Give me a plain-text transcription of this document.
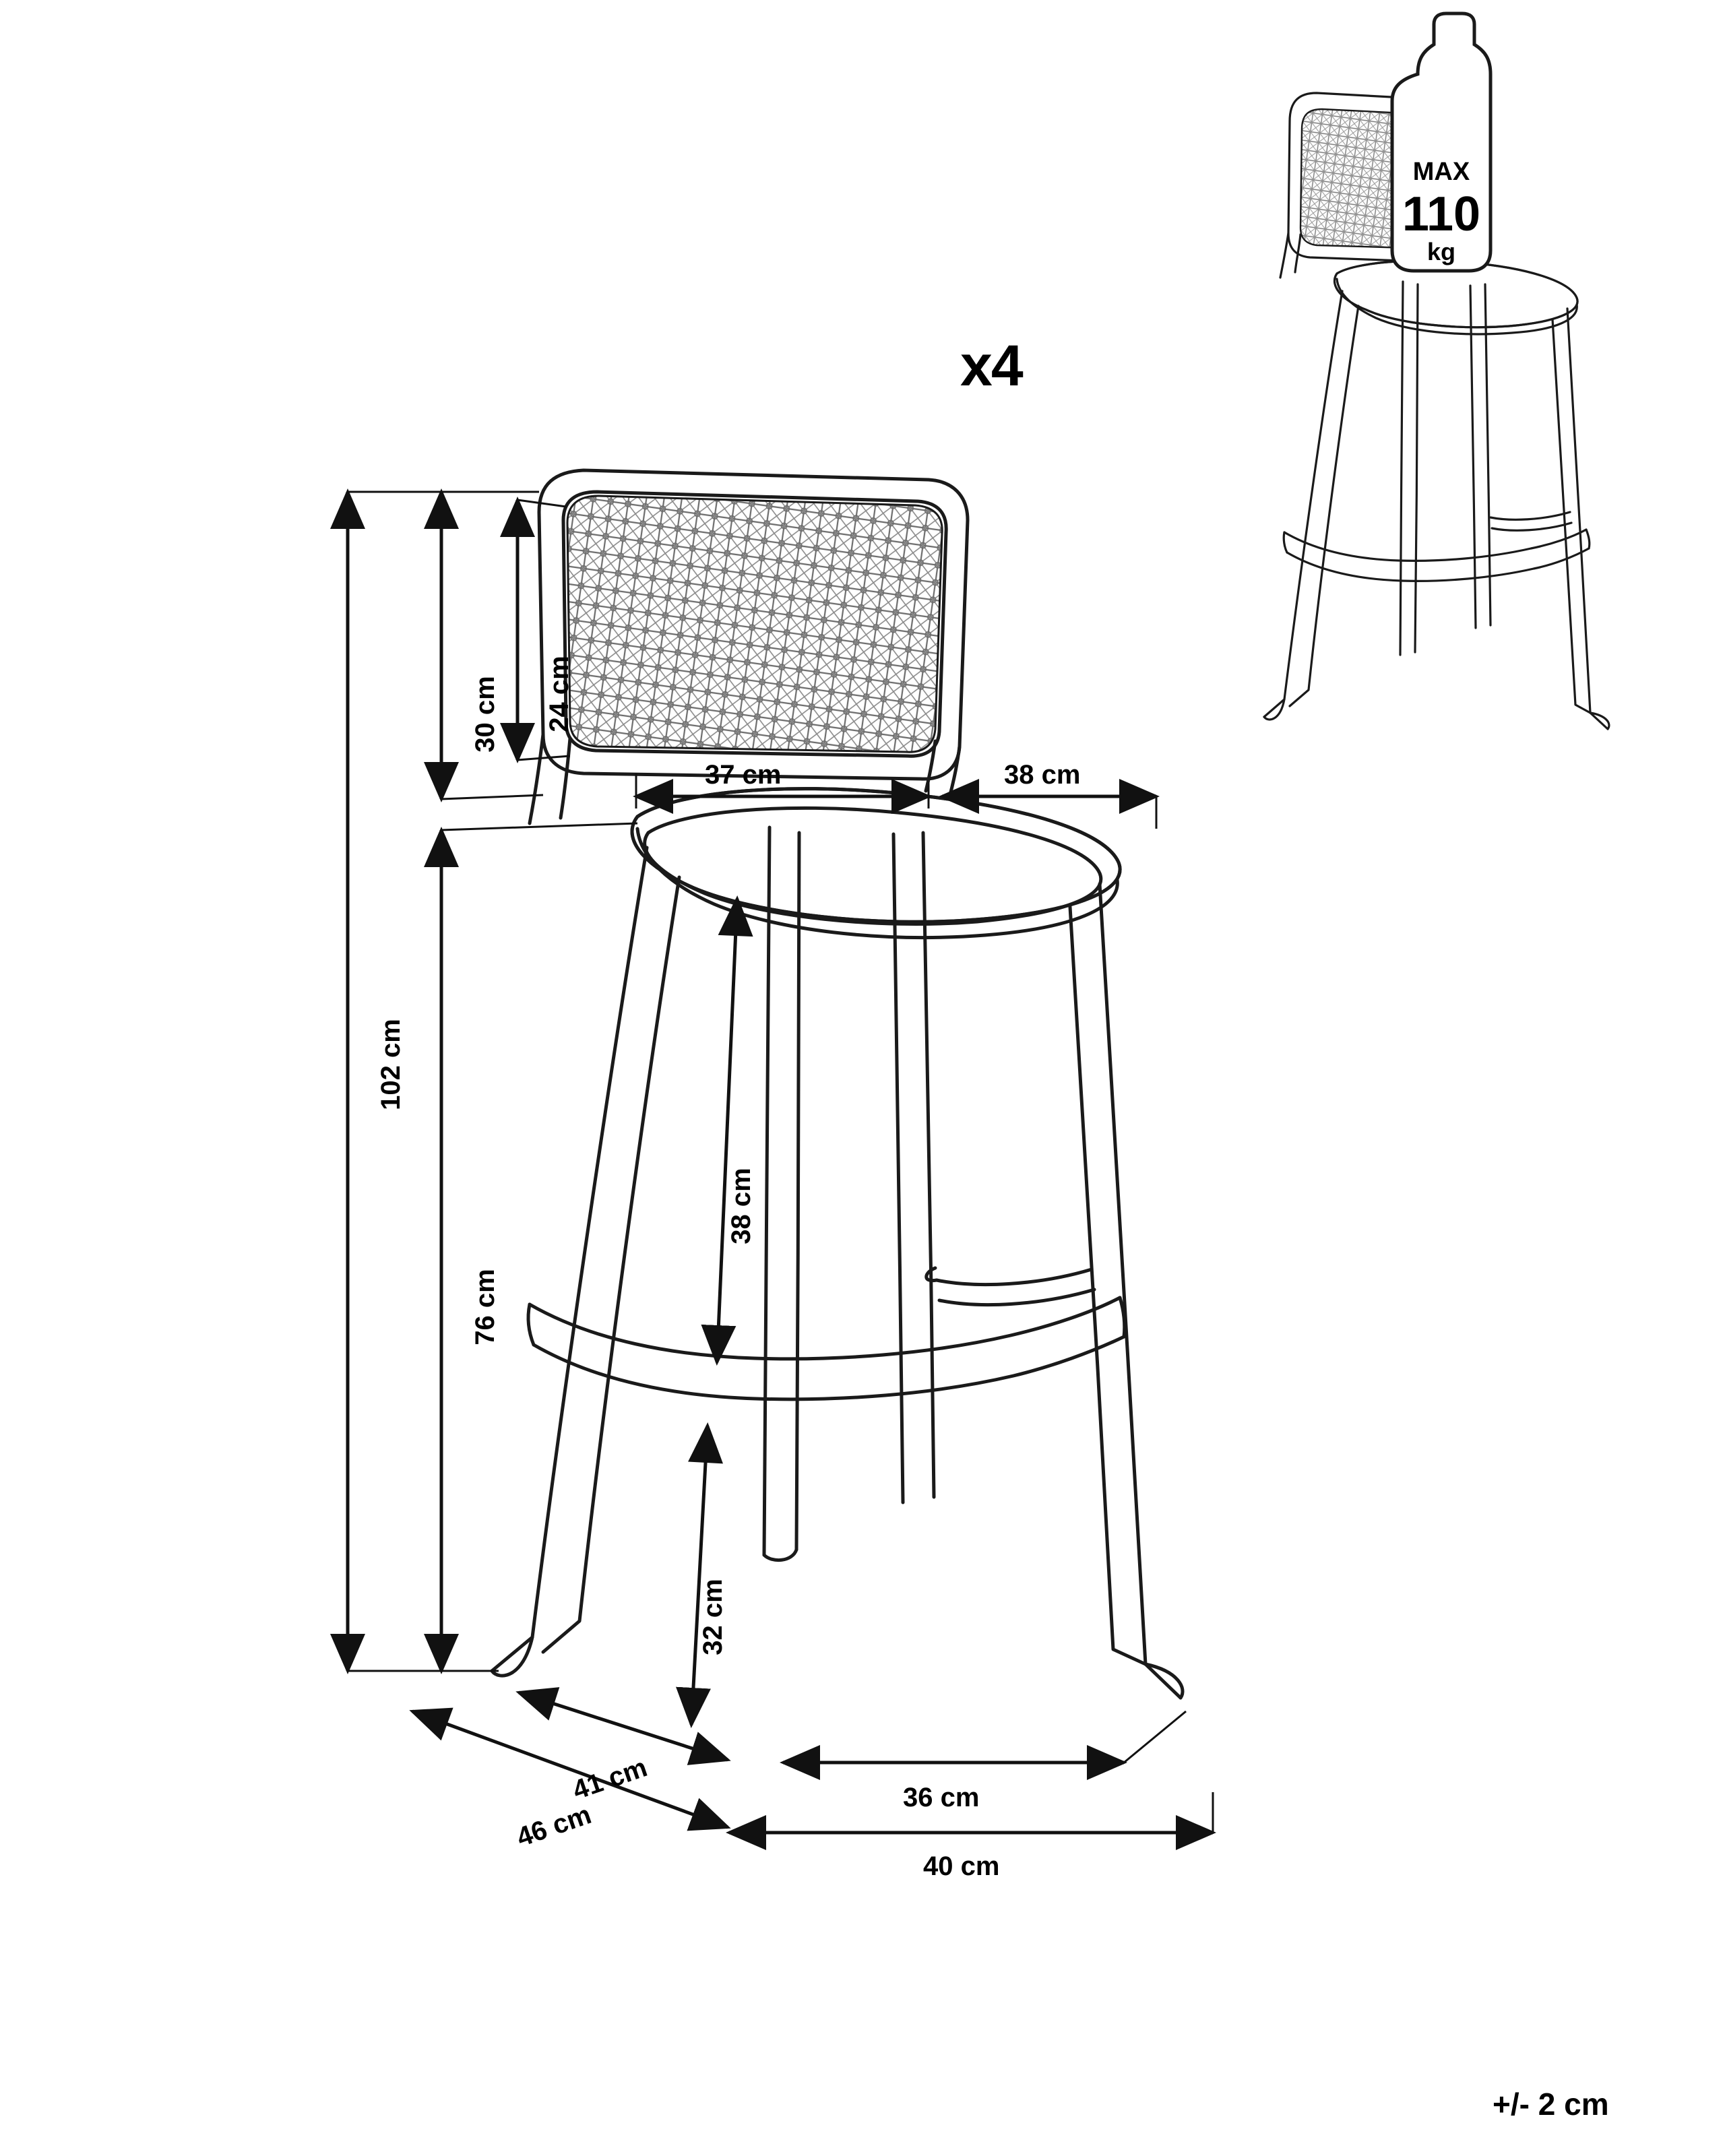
x4
102 cm
76 cm
30 cm 24 cm
37 cm	38 cm
38 cm
32 cm
41 cm
46 cm
36 cm
40 cm
+/- 2 cm
MAX
110
kg
